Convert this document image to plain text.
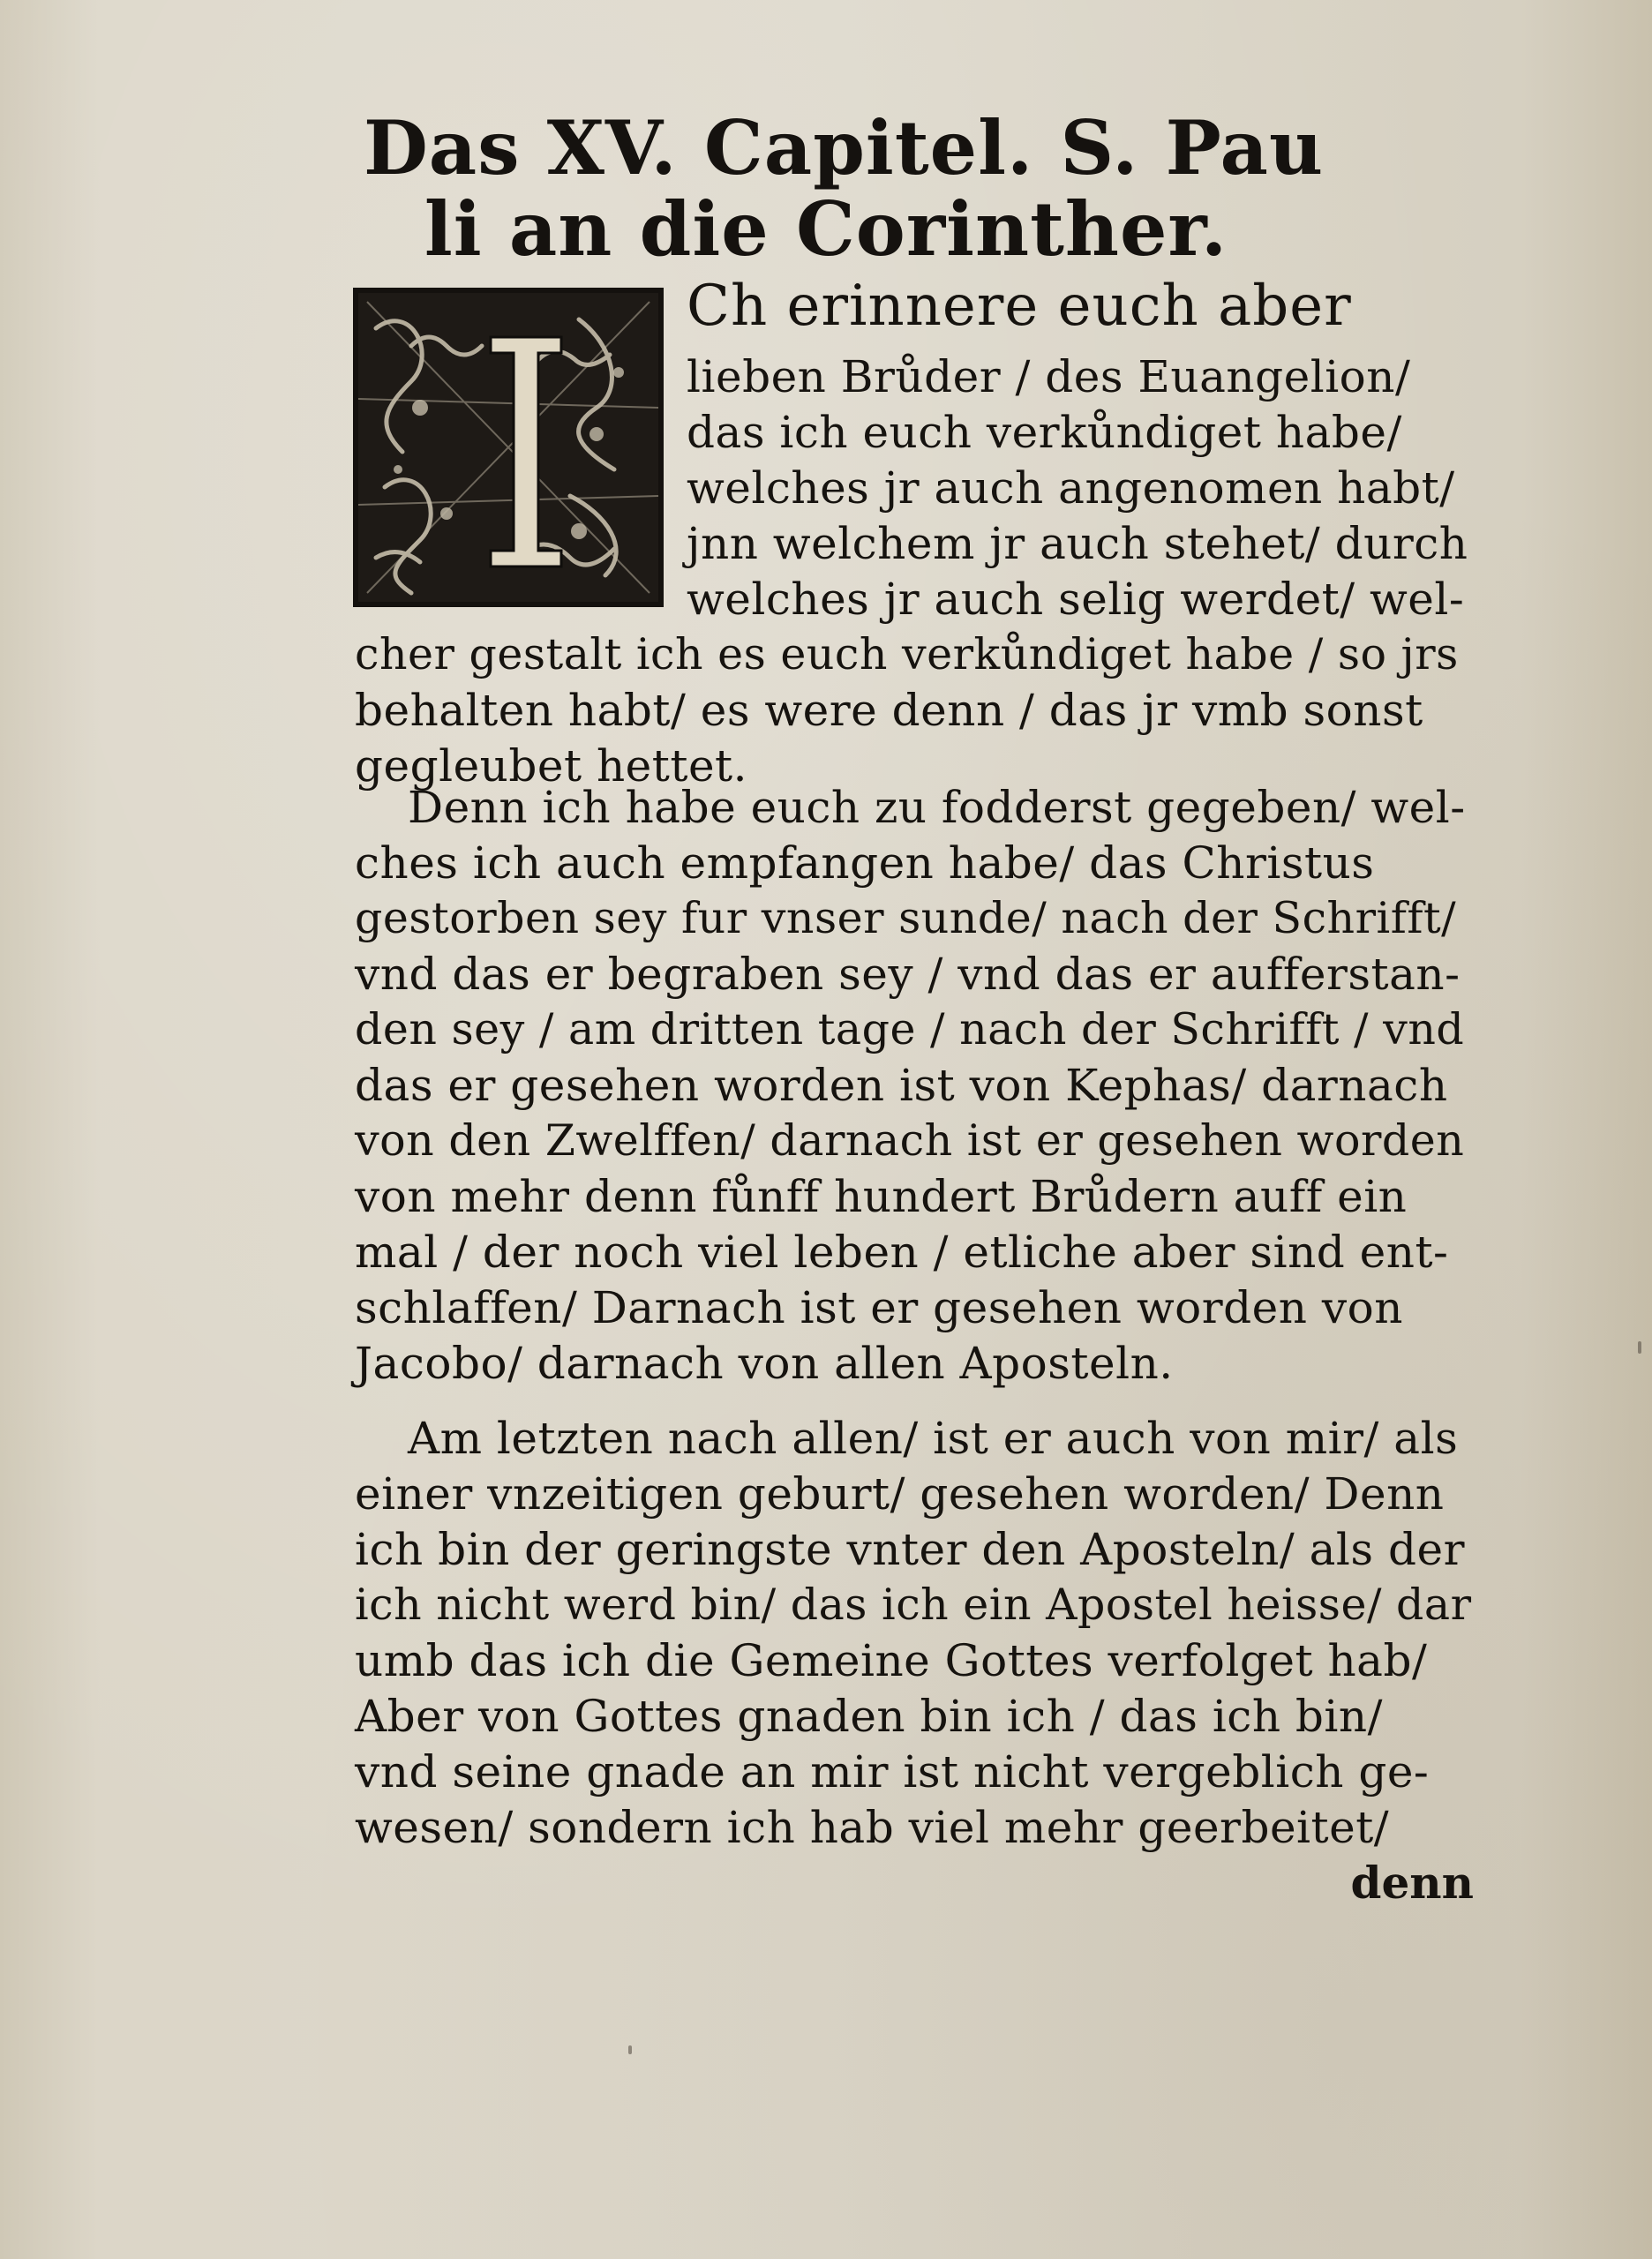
Das XV. Capitel. S. Pau
li an die Corinther.
Ch erinnere euch aber
lieben Brůder / des Euangelion/
das ich euch verkůndiget habe/
welches jr auch angenomen habt/
jnn welchem jr auch stehet/ durch
welches jr auch selig werdet/ wel-
cher gestalt ich es euch verkůndiget habe / so jrs
behalten habt/ es were denn / das jr vmb sonst
gegleubet hettet.
Denn ich habe euch zu fodderst gegeben/ wel-
ches ich auch empfangen habe/ das Christus
gestorben sey fur vnser sunde/ nach der Schrifft/
vnd das er begraben sey / vnd das er aufferstan-
den sey / am dritten tage / nach der Schrifft / vnd
das er gesehen worden ist von Kephas/ darnach
von den Zwelffen/ darnach ist er gesehen worden
von mehr denn fůnff hundert Brůdern auff ein
mal / der noch viel leben / etliche aber sind ent-
schlaffen/ Darnach ist er gesehen worden von
Jacobo/ darnach von allen Aposteln.
Am letzten nach allen/ ist er auch von mir/ als
einer vnzeitigen geburt/ gesehen worden/ Denn
ich bin der geringste vnter den Aposteln/ als der
ich nicht werd bin/ das ich ein Apostel heisse/ dar
umb das ich die Gemeine Gottes verfolget hab/
Aber von Gottes gnaden bin ich / das ich bin/
vnd seine gnade an mir ist nicht vergeblich ge-
wesen/ sondern ich hab viel mehr geerbeitet/
denn
